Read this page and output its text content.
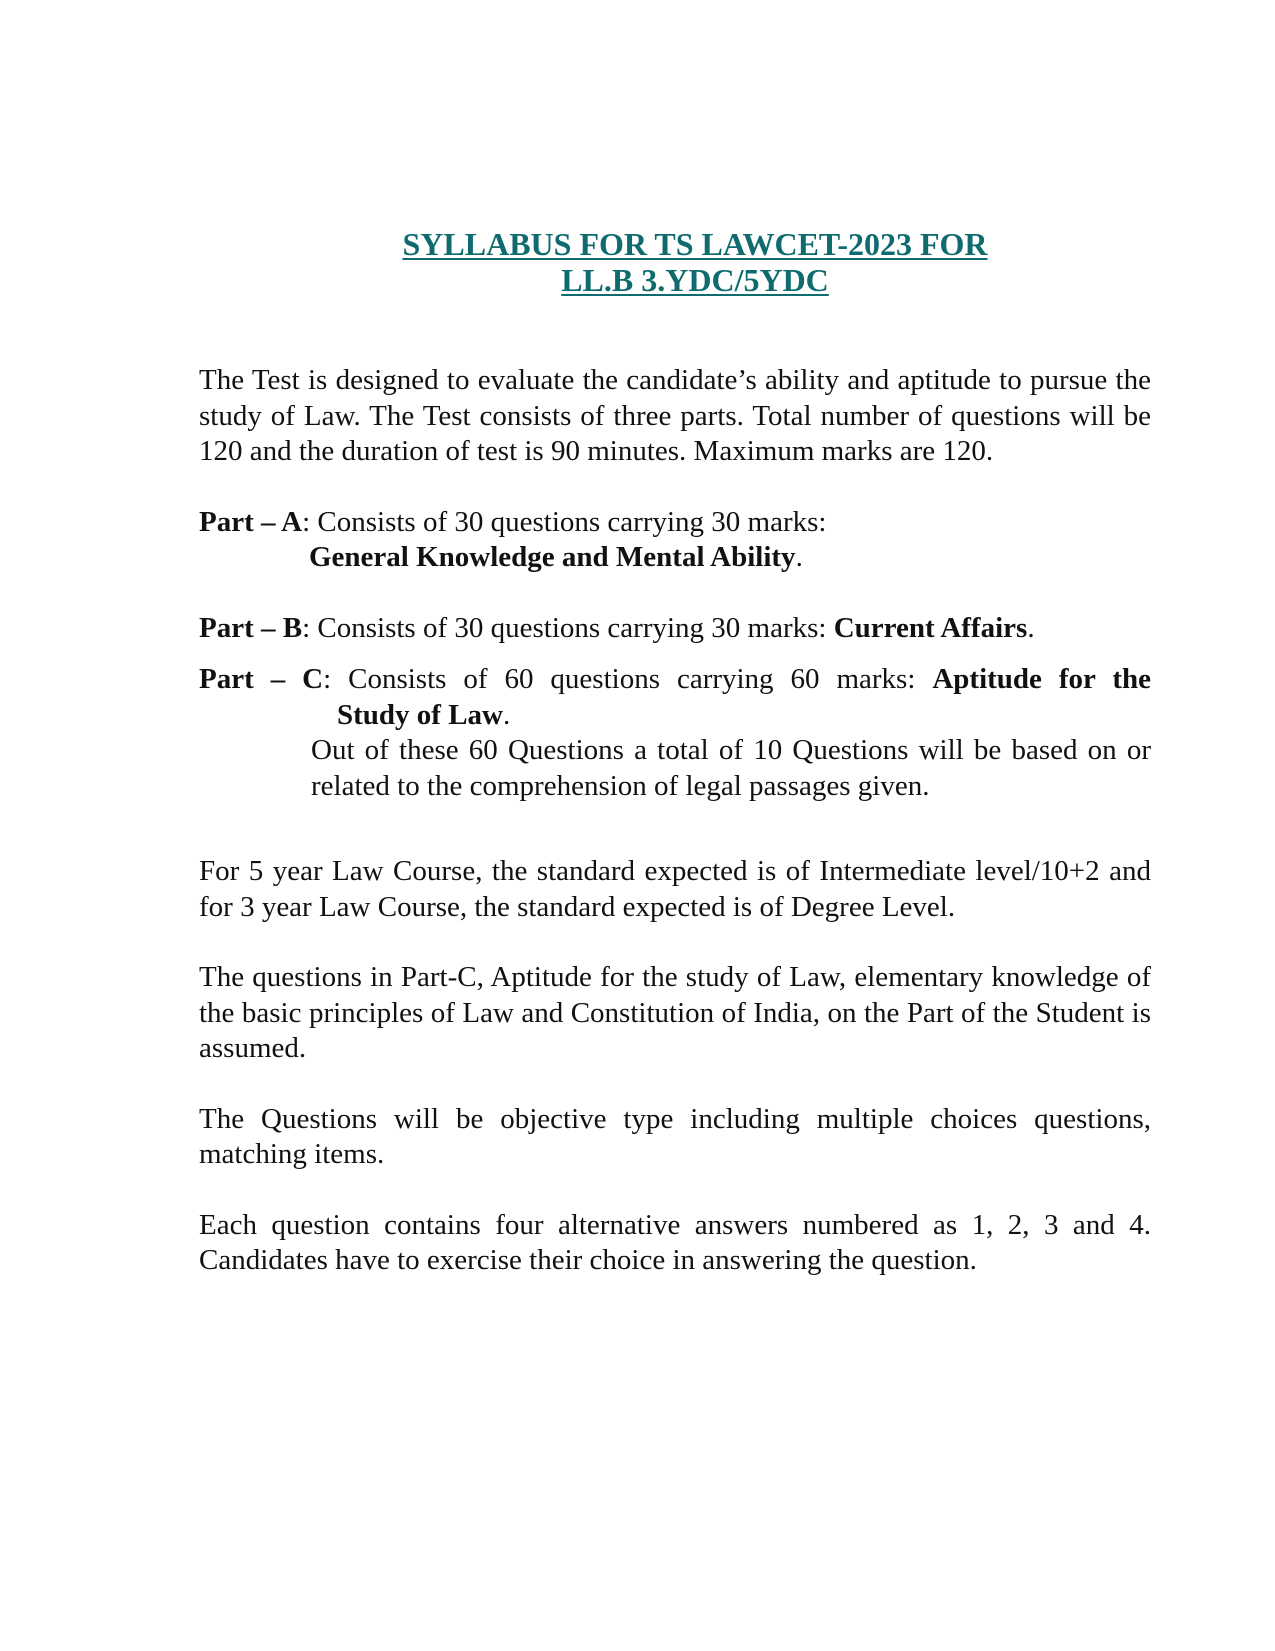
SYLLABUS FOR TS LAWCET-2023 FOR
LL.B 3.YDC/5YDC

The Test is designed to evaluate the candidate’s ability and aptitude to pursue the study of Law. The Test consists of three parts. Total number of questions will be 120 and the duration of test is 90 minutes. Maximum marks are 120.

Part – A: Consists of 30 questions carrying 30 marks:
General Knowledge and Mental Ability.
Part – B: Consists of 30 questions carrying 30 marks: Current Affairs.
Part – C: Consists of 60 questions carrying 60 marks: Aptitude for the
Study of Law.

Out of these 60 Questions a total of 10 Questions will be based on or related to the comprehension of legal passages given.

For 5 year Law Course, the standard expected is of Intermediate level/10+2 and for 3 year Law Course, the standard expected is of Degree Level.

The questions in Part-C, Aptitude for the study of Law, elementary knowledge of the basic principles of Law and Constitution of India, on the Part of the Student is assumed.

The Questions will be objective type including multiple choices questions, matching items.

Each question contains four alternative answers numbered as 1, 2, 3 and 4. Candidates have to exercise their choice in answering the question.
